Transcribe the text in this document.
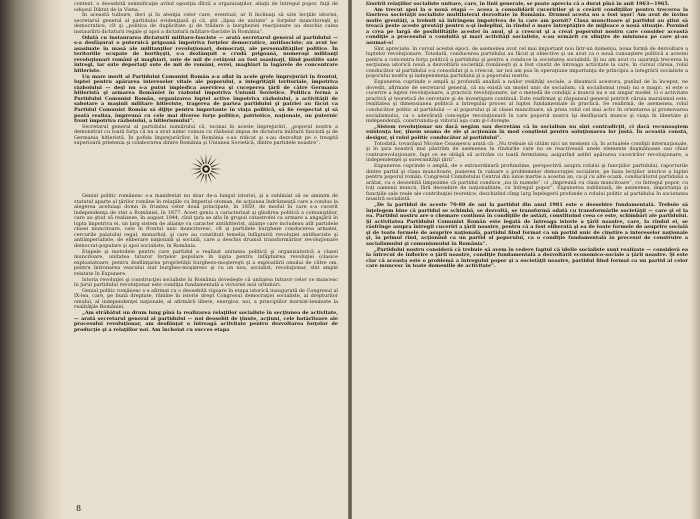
context, o deosebită semnificaţie avînd opoziţia dîrză a organizaţiilor, aliaţii de întregul popor, faţă de odiosul Diktat de la Viena.

În această tulbure, deci şi în atenţia celor care, eventual, ar fi înclinaţi să uite lecţiile istoriei, secretarul general al partidului evidenţiază şi că, ştii „lipsa de unitate” a forţelor muncitoreşti şi democratice, cît şi „politica de duplicitate şi de trădare a burgheziei reacţionare au deschis calea instaurării dictaturii regale şi apoi a dictaturii militaro-fasciste în România”.

Odată cu instaurarea dictaturii militaro-fasciste — arată secretarul general al partidului — s-a desfăşurat o puternică prigoană împotriva forţelor democratice, antifasciste; au avut loc asasinate în masă ale militanţilor revoluţionari, democraţi, ale personalităţilor politice. În teritoriile ocupate de horthyşti, s-a dezlănţuit o crudă prigoană, numeroşi militanţi revoluţionari români şi maghiari, sute de mii de cetăţeni au fost asasinaţi, fiind pustiite sate întregi, iar sute deportaţi sute de mii de români, evrei, maghiari la lagărele de concentrare hitleriste.

Un mare merit al Partidului Comunist Român a-a aflat în acele grele împrejurări în frontul, luptei pentru apărarea intereselor vitale ale poporului, a integrităţii teritoriale, împotriva războiului — deşi nu s-a putut împiedica aservirea şi cuceperea ţării de către Germania hitleristă şi armarea României în războiul împotriva Uniunii Sovietice. Politica fermă a Partidului Comunist Român, organizarea luptei active împotriva războiului, a activităţii de sabotare a maşinii militare hitleriste, tragerea de partea partidului şi patriei au făcut ca Partidul Comunist Român să dijiţe pentru importante în viaţa politică, să fie respectat şi să poată realiza, împreună cu cele mai diverse forţe politice, patriotice, naţionale, un puternic front împotriva războiului, a hitlerismului”.

Secretarul general al partidului numărului că, tocmai în aceste împrejurări, „poporul nostru a demonstrat cu toată forţa că nu a avut nimic comun cu războiul impus de dictatura militară fascistă şi de Germania hitleristă. În pofida împrejurărilor, în România s-au ridicat şi s-au dezvoltat pe o treaptă superioară prietenia şi colaborarea dintre România şi Uniunea Sovietică, dintre partidele noastre”.

Geniul politic românesc s-a manifestat nu doar de-a lungul istoriei, şi a subliniat să se aminim de statutul aparte al ţărilor române în relaţiile cu Imperiul otoman, de acţiunea îndrăzneaţă care a condus la alegerea aceluiaşi domn în fruntea celor două principate, în 1859, de modul în care s-a cucerit independenţa de stat a României, în 1877. Acest geniu a caracterizat şi gîndirea politică a comuniştilor, care au ştiut să realizeze, în august 1944, cînd ţara se afla în grupul catastrofei ca urmare a angajării în lupta împotriva ei, un larg sistem de alianţe cu caracter antihitlerist, alianţe care includeau atît partidele clasei muncitoare, cele în frontul unic muncitoresc, cît şi partidele burgheze conducerea armatei, cercurile palatului regal, monarhul, şi care au constituit temelia înfăptuirii revoluţiei antifasciste şi antiimperialiste, de eliberare naţională şi socială, care a deschis drumul transformărilor revoluţionare democrat-populare şi apoi socialiste, în România.

Etapele şi metodele pentru care partidul a realizat unitatea politică şi organizatorică a clasei muncitoare, unitatea tuturor forţelor populare în lupta pentru înfăptuirea revoluţiei (clasice exploatatoare, pentru desfiinţarea proprietăţii burghezo-moşiereşti şi a exploatării omului de către om, pentru întronarea veacului stat burgheo-moşieresc şi cu un nou, socialist, revoluţionar, sînt ample relatate în Expunere.

Istoria revoluţiei şi construcţiei socialiste în România dovedeşte că unitatea tuturor celor ce muncesc în jurul partidului revoluţionar este condiţia fundamentală a victoriei noii orînduiri.

Geniul politic românesc s-a afirmat cu o deosebită vigoare în etapa istorică inaugurată de Congresul al IX-lea, care, pe bună dreptate, rămîne în istorie drept Congresul democraţiei socialiste, al drepturilor omului, al independenţei naţionale, al afirmării libere, energice, noi, a principiilor marxist-leniniste la realităţile României.

„Am străbătut un drum lung pînă la realizarea relaţiilor socialiste în secţiunea de activitate, — arată secretarul general al partidului — noi deosebit de ţinute, acţiuni, cele hotărîtoare ale procesului revoluţionar, am desfiinţat o întreagă activitate pentru dezvoltarea forţelor de producţie şi a relaţiilor noi. Am încheiat cu succes etapa

8

făuririi relaţiilor socialiste unitare, care, în linii generale, se poate aprecia că a durat pînă în anii 1963—1965.

Am trecut apoi la o nouă etapă — aceea a consolidării cuceririlor şi a creării condiţiilor pentru trecerea la făurirea societăţii socialiste multilateral dezvoltate în România. Drumul acesta nu a fost uşor! Am avut de învins multe greutăţi, a trebuit să înfrîngem împotrivea de la care am pornit? Clasa muncitoare şi partidul au ştiut să treacă peste aceste greutăţi pentru a-şi îndeplini, în rîndul o mare întreptăţire de mijloace o nouă situaţie. Pornind a crea pe largă de posibilităţile acestei în anul, şi a crescut şi a creat poporului nostru care consider această condiţie a procesului o conduită şi mari activităţi socialiste, s-au urmărit cu sfinţire de misiunea pe care şi-au asumat-o!

Sînt apreciate, în cursul acestei epoci, de asemenea avut cel mai important nou într-un domeniu, noua formă de dezvoltare a luptelor revoluţionare. Totodată, conducerea partidului au făcut şi obiective şi un avut ca o nouă cunoaştere politică a acestei pentru a concentra forţa politică a partidului şi pentru a conduce la societatea socialistă. Şi nu am avut cu uşurinţă trecerea la secţiunea istorică nouă a dezvoltării societăţii româneşti şi a fost cinstit de întreaga activitate la care, în cursul căreia, rolul conducător al partidului s-a consolidat şi a crescut, iar noi am pus în operaţiune importanţa de principiu a integrării socialiste a poporului nostru şi independenţa partidului şi a poporului nostru.

Expunerea cuprinde o amplă şi profundă analiză a noilor realităţi sociale, a dinamicii acestora, punînd de la început, ne dovedit, afirmate de secretarul general, că nu există un model unic de socialism, că socialismul (real) nu e magic, el este o cucerire a luptei revoluţionare, a practicii revoluţionare, iar o metodă de condiţii a muncii nu e un singur model, ci o activitate practică şi teoretică de cercetare şi de investigare continuă. Este reafirmat şi răspunsul general potrivit căruia marxismul este, realitatea şi dimensiunea politică a întregului proces al luptei fundamentale în practică. Se reafirmă, de asemenea, rolul conducător politic al partidului — al poporului şi al clasei muncitoare, să preia rolul cel mai activ în orientarea şi promovarea socialismului, ca o adevărată concepţie revoluţionară în care poporul nostru îşi desfăşoară munca şi viaţa în libertate şi independenţă, construindu-şi viitorul aşa cum şi-l doreşte.

„Sistem revoluţionar nu dacă negăm sau decretăm că în socialism nu sînt contradicţii, ci dacă recunoaştem existenţa lor, ţinem seama de ele şi acţionăm în mod conştient pentru soluţionarea lor justă. În această constă, desigur, şi rolul politic conducător al partidului”.

Totodată, tovarăşul Nicolae Ceauşescu arată că: „Nu trebuie să uităm nici un moment că, în actualele condiţii internaţionale, şi în ţara noastră mai păstrăm de asemenea în rîndurile care nu se reactivează unele elemente duşmănoase sau chiar contrarevoluţionare, fapt ce ne obligă să activăm cu toată fermitatea, asigurînd astfel apărarea cuceririlor revoluţionare, a independenţei şi suveranităţii ţării”.

Expunerea cuprinde o amplă, de o extraordinară profunzime, perspectivă asupra rolului şi funcţiilor partidului, raporturile dintre partid şi clasa muncitoare, punerea în valoare a problemelor democraţiei socialiste, pe baza lecţiilor istorice a luptei pentru poporul român. Congresul Comitetului Central din iunie martie a acestui an, ca şi cu alte ocazii, conducătorul partidului a arătat, cu o deosebită limpezime că partidul conduce „nu în numele”, ci „împreună cu clasa muncitoare”, cu întregul popor, cu toţi oamenii muncii, fără deosebire de naţionalitate, cu întregul popor”. Expunerea subliniază, de asemenea, importanţa şi funcţiile sale reale ale contribuţiei teoretice, deschizînd cîmp larg înţelegerii profunde a rolului politic al partidului în societatea noastră socialistă.

„De la partidul de aceste 70-80 de ani la partidul din anul 1981 este o deosebire fundamentală. Trebuie să înţelegem bine că partidul se schimbă, se dezvoltă, se transformă odată cu transformările societăţii — care şi el la ea. Partidul nostru are o chemare continuă în condiţiile de astăzi, constituind ceea ce este, schimbări ale partidului. Şi activitatea Partidului Comunist Român este legată de întreaga istorie a ţării noastre, care, la rîndul ei, se răsfrînge asupra întregii cuceriri a ţării noastre, pentru că a fost eliberată şi ea de toate formele de asuprire socială şi de toate formele de asuprire naţională, partidul fiind format ca un partid unic de cinstire a intereselor naţionale şi, în primul rînd, acţionînd ca un partid al poporului, ca o condiţie fundamentală în procesul de construire a socialismului şi comunismului în România”.

„Partidului nostru consideră că trebuie să avem în vedere faptul că ideile socialiste sunt realizate — consideră ea la întrecut de înflorire o ţării noastre, condiţie fundamentală a dezvoltării economico-sociale a ţării noastre. Şi este clar că aceasta este o problemă a întregului popor şi a societăţii noastre, partidul fiind format ca un partid al celor care muncesc în toate domeniile de activitate”.
